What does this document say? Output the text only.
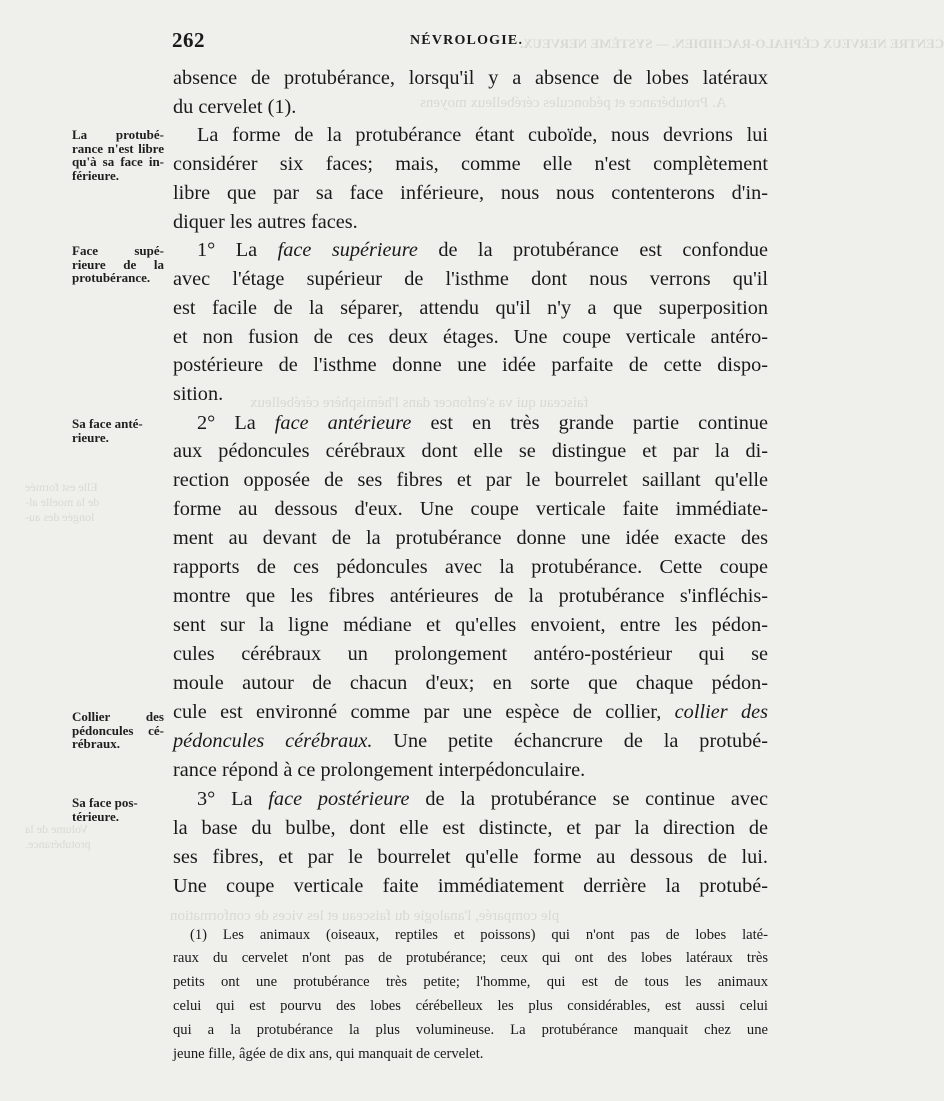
CENTRE NERVEUX CÉPHALO-RACHIDIEN. — SYSTÈME NERVEUX.
A. Protubérance et pédoncules cérébelleux moyens
faisceau qui va s'enfoncer dans l'hémisphère cérébelleux
Elle est formée
de la moelle al-
longée des au-
Volume de la
protubérance.
ple comparée, l'analogie du faisceau et les vices de conformation
262	NÉVROLOGIE.
absence de protubérance, lorsqu'il y a absence de lobes latéraux
du cervelet (1).
La forme de la protubérance étant cuboïde, nous devrions lui
considérer six faces; mais, comme elle n'est complètement
libre que par sa face inférieure, nous nous contenterons d'in-
diquer les autres faces.
1° La face supérieure de la protubérance est confondue
avec l'étage supérieur de l'isthme dont nous verrons qu'il
est facile de la séparer, attendu qu'il n'y a que superposition
et non fusion de ces deux étages. Une coupe verticale antéro-
postérieure de l'isthme donne une idée parfaite de cette dispo-
sition.
2° La face antérieure est en très grande partie continue
aux pédoncules cérébraux dont elle se distingue et par la di-
rection opposée de ses fibres et par le bourrelet saillant qu'elle
forme au dessous d'eux. Une coupe verticale faite immédiate-
ment au devant de la protubérance donne une idée exacte des
rapports de ces pédoncules avec la protubérance. Cette coupe
montre que les fibres antérieures de la protubérance s'infléchis-
sent sur la ligne médiane et qu'elles envoient, entre les pédon-
cules cérébraux un prolongement antéro-postérieur qui se
moule autour de chacun d'eux; en sorte que chaque pédon-
cule est environné comme par une espèce de collier, collier des
pédoncules cérébraux. Une petite échancrure de la protubé-
rance répond à ce prolongement interpédonculaire.
3° La face postérieure de la protubérance se continue avec
la base du bulbe, dont elle est distincte, et par la direction de
ses fibres, et par le bourrelet qu'elle forme au dessous de lui.
Une coupe verticale faite immédiatement derrière la protubé-
La protubé-
rance n'est libre
qu'à sa face in-
férieure.
Face supé-
rieure de la
protubérance.
Sa face anté-
rieure.
Collier des
pédoncules cé-
rébraux.
Sa face pos-
térieure.
(1) Les animaux (oiseaux, reptiles et poissons) qui n'ont pas de lobes laté-
raux du cervelet n'ont pas de protubérance; ceux qui ont des lobes latéraux très
petits ont une protubérance très petite; l'homme, qui est de tous les animaux
celui qui est pourvu des lobes cérébelleux les plus considérables, est aussi celui
qui a la protubérance la plus volumineuse. La protubérance manquait chez une
jeune fille, âgée de dix ans, qui manquait de cervelet.
